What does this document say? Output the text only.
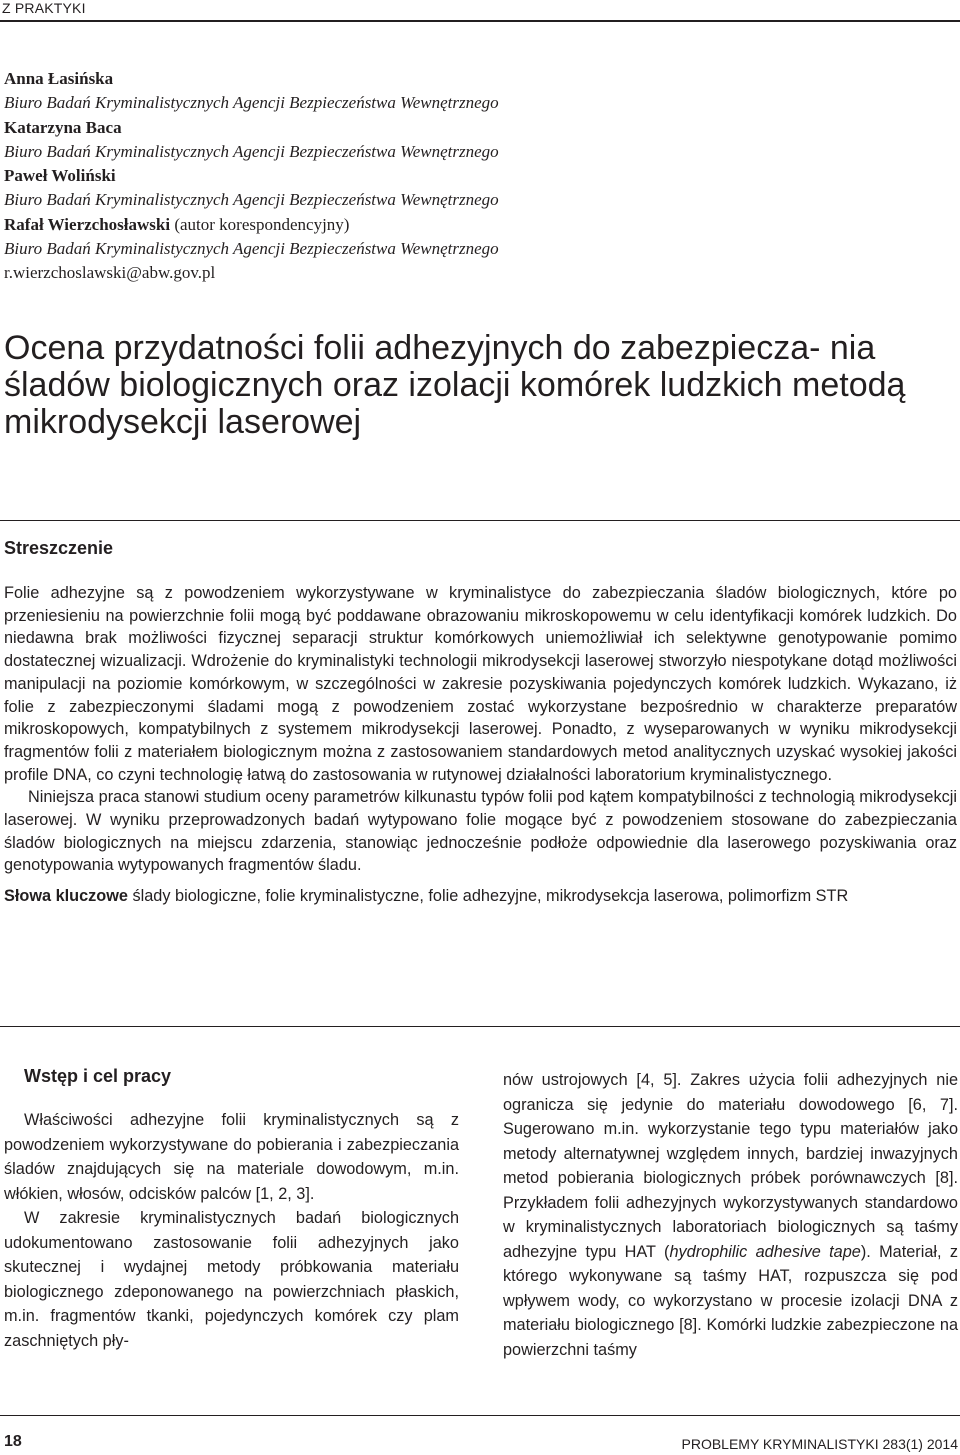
Z PRAKTYKI
Anna Łasińska
Biuro Badań Kryminalistycznych Agencji Bezpieczeństwa Wewnętrznego
Katarzyna Baca
Biuro Badań Kryminalistycznych Agencji Bezpieczeństwa Wewnętrznego
Paweł Woliński
Biuro Badań Kryminalistycznych Agencji Bezpieczeństwa Wewnętrznego
Rafał Wierzchosławski (autor korespondencyjny)
Biuro Badań Kryminalistycznych Agencji Bezpieczeństwa Wewnętrznego
r.wierzchoslawski@abw.gov.pl
Ocena przydatności folii adhezyjnych do zabezpiecza- nia śladów biologicznych oraz izolacji komórek ludzkich metodą mikrodysekcji laserowej
Streszczenie

Folie adhezyjne są z powodzeniem wykorzystywane w kryminalistyce do zabezpieczania śladów biologicznych, które po przeniesieniu na powierzchnie folii mogą być poddawane obrazowaniu mikroskopowemu w celu identyfikacji komórek ludzkich. Do niedawna brak możliwości fizycznej separacji struktur komórkowych uniemożliwiał ich selektywne genotypowanie pomimo dostatecznej wizualizacji. Wdrożenie do kryminalistyki technologii mikrodysekcji laserowej stworzyło niespotykane dotąd możliwości manipulacji na poziomie komórkowym, w szczególności w zakresie pozyskiwania pojedynczych komórek ludzkich. Wykazano, iż folie z zabezpieczonymi śladami mogą z powodzeniem zostać wykorzystane bezpośrednio w charakterze preparatów mikroskopowych, kompatybilnych z systemem mikrodysekcji laserowej. Ponadto, z wyseparowanych w wyniku mikrodysekcji fragmentów folii z materiałem biologicznym można z zastosowaniem standardowych metod analitycznych uzyskać wysokiej jakości profile DNA, co czyni technologię łatwą do zastosowania w rutynowej działalności laboratorium kryminalistycznego.

Niniejsza praca stanowi studium oceny parametrów kilkunastu typów folii pod kątem kompatybilności z technologią mikrodysekcji laserowej. W wyniku przeprowadzonych badań wytypowano folie mogące być z powodzeniem stosowane do zabezpieczania śladów biologicznych na miejscu zdarzenia, stanowiąc jednocześnie podłoże odpowiednie dla laserowego pozyskiwania oraz genotypowania wytypowanych fragmentów śladu.

Słowa kluczowe ślady biologiczne, folie kryminalistyczne, folie adhezyjne, mikrodysekcja laserowa, polimorfizm STR

Wstęp i cel pracy

Właściwości adhezyjne folii kryminalistycznych są z powodzeniem wykorzystywane do pobierania i zabezpieczania śladów znajdujących się na materiale dowodowym, m.in. włókien, włosów, odcisków palców [1, 2, 3].

W zakresie kryminalistycznych badań biologicznych udokumentowano zastosowanie folii adhezyjnych jako skutecznej i wydajnej metody próbkowania materiału biologicznego zdeponowanego na powierzchniach płaskich, m.in. fragmentów tkanki, pojedynczych komórek czy plam zaschniętych pły-

nów ustrojowych [4, 5]. Zakres użycia folii adhezyjnych nie ogranicza się jedynie do materiału dowodowego [6, 7]. Sugerowano m.in. wykorzystanie tego typu materiałów jako metody alternatywnej względem innych, bardziej inwazyjnych metod pobierania biologicznych próbek porównawczych [8]. Przykładem folii adhezyjnych wykorzystywanych standardowo w kryminalistycznych laboratoriach biologicznych są taśmy adhezyjne typu HAT (hydrophilic adhesive tape). Materiał, z którego wykonywane są taśmy HAT, rozpuszcza się pod wpływem wody, co wykorzystano w procesie izolacji DNA z materiału biologicznego [8]. Komórki ludzkie zabezpieczone na powierzchni taśmy

18	PROBLEMY KRYMINALISTYKI 283(1) 2014
